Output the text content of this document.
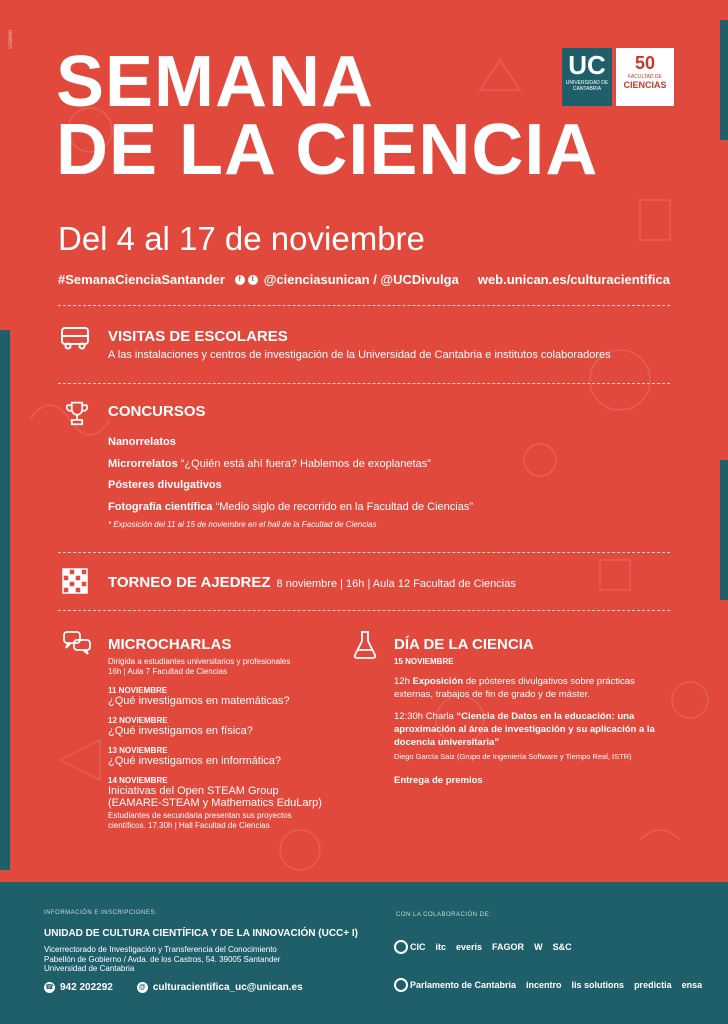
Diseño
SEMANA
DE LA CIENCIA
Del 4 al 17 de noviembre
UC
UNIVERSIDAD DE CANTABRIA
50
FACULTAD DE
CIENCIAS
#SemanaCienciaSantander	f	t @cienciasunican / @UCDivulga	web.unican.es/culturacientifica
VISITAS DE ESCOLARES
A las instalaciones y centros de investigación de la Universidad de Cantabria e institutos colaboradores
CONCURSOS
Nanorrelatos
Microrrelatos “¿Quién está ahí fuera? Hablemos de exoplanetas”
Pósteres divulgativos
Fotografía científica “Medio siglo de recorrido en la Facultad de Ciencias”
* Exposición del 11 al 15 de noviembre en el hall de la Facultad de Ciencias
TORNEO DE AJEDREZ 8 noviembre | 16h | Aula 12 Facultad de Ciencias
MICROCHARLAS
Dirigida a estudiantes universitarios y profesionales
16h | Aula 7 Facultad de Ciencias
11 NOVIEMBRE
¿Qué investigamos en matemáticas?
12 NOVIEMBRE
¿Qué investigamos en física?
13 NOVIEMBRE
¿Qué investigamos en informática?
14 NOVIEMBRE
Iniciativas del Open STEAM Group
(EAMARE-STEAM y Mathematics EduLarp)
Estudiantes de secundaria presentan sus proyectos
científicos. 17.30h | Hall Facultad de Ciencias
DÍA DE LA CIENCIA
15 NOVIEMBRE
12h Exposición de pósteres divulgativos sobre prácticas externas, trabajos de fin de grado y de máster.
12:30h Charla “Ciencia de Datos en la educación: una aproximación al área de investigación y su aplicación a la docencia universitaria”
Diego García Saiz (Grupo de Ingeniería Software y Tiempo Real, ISTR)
Entrega de premios
INFORMACIÓN E INSCRIPCIONES:
UNIDAD DE CULTURA CIENTÍFICA Y DE LA INNOVACIÓN (UCC+ I)
Vicerrectorado de Investigación y Transferencia del Conocimiento
Pabellón de Gobierno / Avda. de los Castros, 54. 39005 Santander
Universidad de Cantabria
☎ 942 202292	@ culturacientifica_uc@unican.es
CON LA COLABORACIÓN DE:
CIC itc everis FAGOR W S&C
Parlamento de Cantabria incentro lis solutions predictia ensa
